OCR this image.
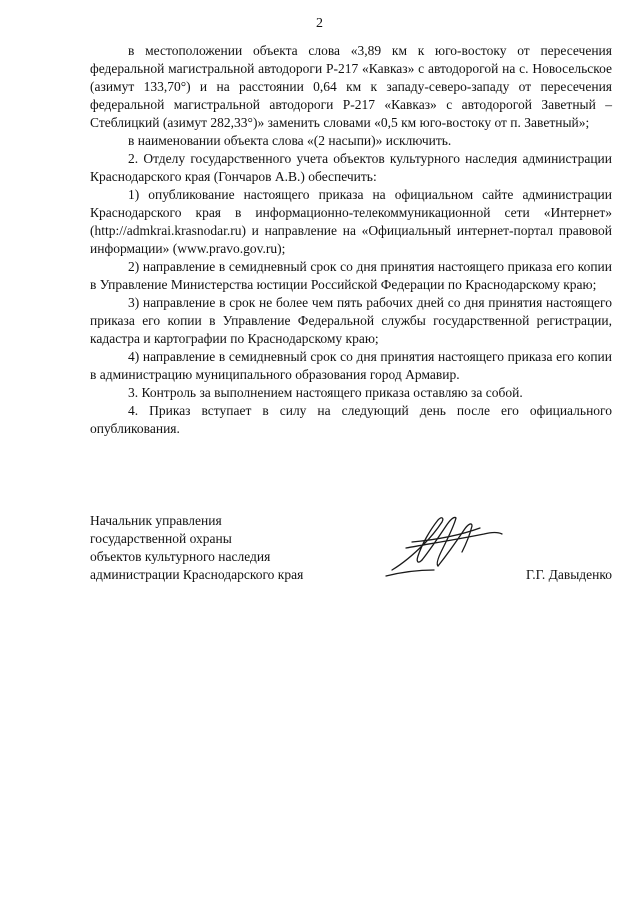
2

в местоположении объекта слова «3,89 км к юго-востоку от пересечения федеральной магистральной автодороги Р-217 «Кавказ» с автодорогой на с. Новосельское (азимут 133,70°) и на расстоянии 0,64 км к западу-северо-западу от пересечения федеральной магистральной автодороги Р-217 «Кавказ» с автодорогой Заветный – Стеблицкий (азимут 282,33°)» заменить словами «0,5 км юго-востоку от п. Заветный»;

в наименовании объекта слова «(2 насыпи)» исключить.

2. Отделу государственного учета объектов культурного наследия администрации Краснодарского края (Гончаров А.В.) обеспечить:

1) опубликование настоящего приказа на официальном сайте администрации Краснодарского края в информационно-телекоммуникационной сети «Интернет» (http://admkrai.krasnodar.ru) и направление на «Официальный интернет-портал правовой информации» (www.pravo.gov.ru);

2) направление в семидневный срок со дня принятия настоящего приказа его копии в Управление Министерства юстиции Российской Федерации по Краснодарскому краю;

3) направление в срок не более чем пять рабочих дней со дня принятия настоящего приказа его копии в Управление Федеральной службы государственной регистрации, кадастра и картографии по Краснодарскому краю;

4) направление в семидневный срок со дня принятия настоящего приказа его копии в администрацию муниципального образования город Армавир.

3. Контроль за выполнением настоящего приказа оставляю за собой.

4. Приказ вступает в силу на следующий день после его официального опубликования.

Начальник управления
государственной охраны
объектов культурного наследия
администрации Краснодарского края	Г.Г. Давыденко
